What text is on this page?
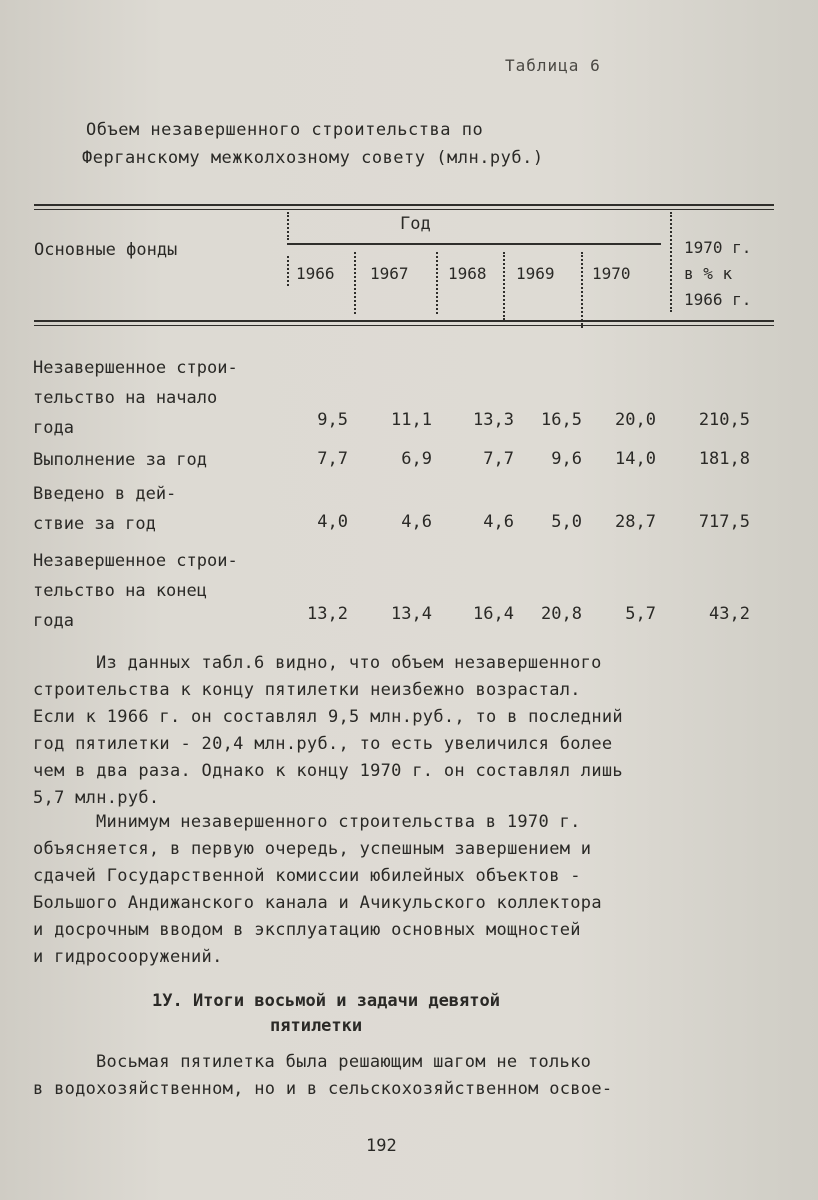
Таблица 6
Объем незавершенного строительства по
Ферганскому межколхозному совету (млн.руб.)
Основные фонды
Год
1966 1967 1968 1969 1970
1970 г.
в % к
1966 г.
Незавершенное строи-
тельство на начало
года	9,5	11,1	13,3	16,5	20,0	210,5
Выполнение за год	7,7	6,9	7,7	9,6	14,0	181,8
Введено в дей-
ствие за год	4,0	4,6	4,6	5,0	28,7	717,5
Незавершенное строи-
тельство на конец
года	13,2	13,4	16,4	20,8	5,7	43,2
Из данных табл.6 видно, что объем незавершенного
строительства к концу пятилетки неизбежно возрастал.
Если к 1966 г. он составлял 9,5 млн.руб., то в последний
год пятилетки - 20,4 млн.руб., то есть увеличился более
чем в два раза. Однако к концу 1970 г. он составлял лишь
5,7 млн.руб.
Минимум незавершенного строительства в 1970 г.
объясняется, в первую очередь, успешным завершением и
сдачей Государственной комиссии юбилейных объектов -
Большого Андижанского канала и Ачикульского коллектора
и досрочным вводом в эксплуатацию основных мощностей
и гидросооружений.
1У. Итоги восьмой и задачи девятой
пятилетки
Восьмая пятилетка была решающим шагом не только
в водохозяйственном, но и в сельскохозяйственном освое-
192
